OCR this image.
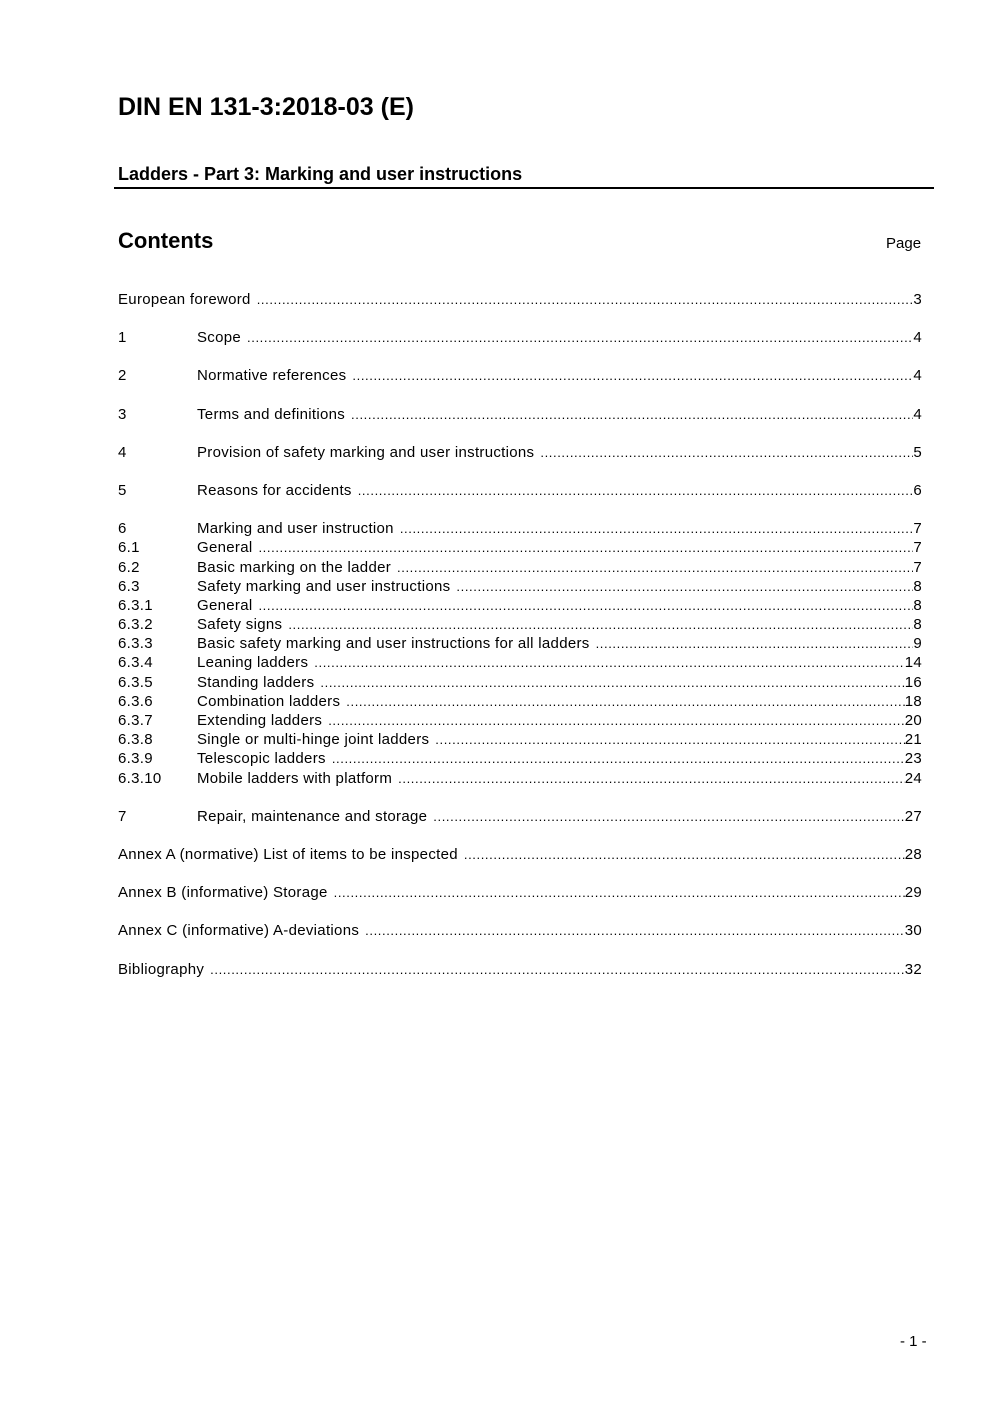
DIN EN 131-3:2018-03 (E)
Ladders - Part 3: Marking and user instructions
Contents	Page
European foreword .....	3
1	Scope .....	4
2	Normative references .....	4
3	Terms and definitions .....	4
4	Provision of safety marking and user instructions .....	5
5	Reasons for accidents .....	6
6	Marking and user instruction .....	7
6.1	General .....	7
6.2	Basic marking on the ladder .....	7
6.3	Safety marking and user instructions .....	8
6.3.1	General .....	8
6.3.2	Safety signs .....	8
6.3.3	Basic safety marking and user instructions for all ladders .....	9
6.3.4	Leaning ladders .....	14
6.3.5	Standing ladders .....	16
6.3.6	Combination ladders .....	18
6.3.7	Extending ladders .....	20
6.3.8	Single or multi-hinge joint ladders .....	21
6.3.9	Telescopic ladders .....	23
6.3.10	Mobile ladders with platform .....	24
7	Repair, maintenance and storage .....	27
Annex A (normative) List of items to be inspected .....	28
Annex B (informative) Storage .....	29
Annex C (informative) A-deviations .....	30
Bibliography .....	32
- 1 -
